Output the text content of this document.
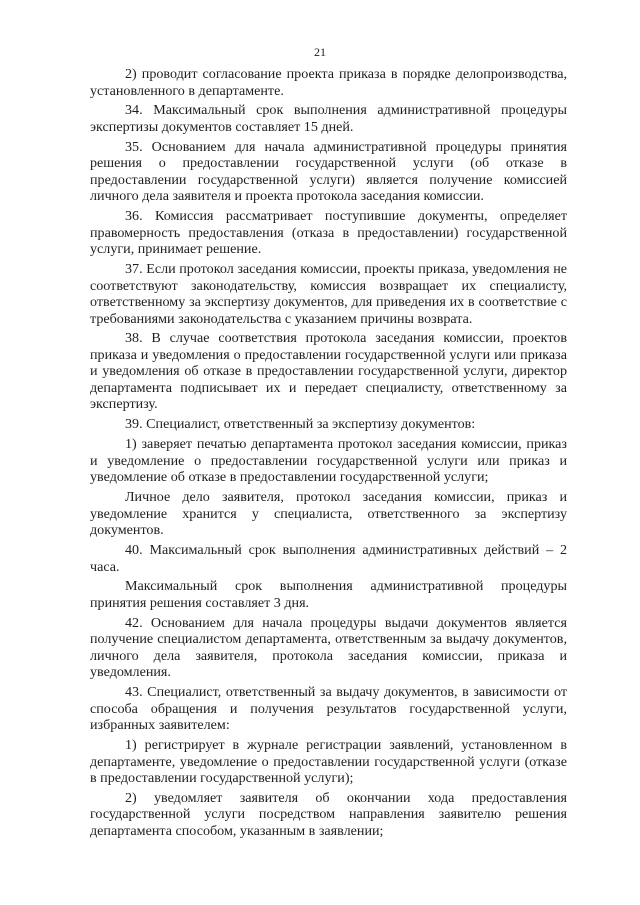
21

2) проводит согласование проекта приказа в порядке делопроизводства, установленного в департаменте.

34. Максимальный срок выполнения административной процедуры экспертизы документов составляет 15 дней.

35. Основанием для начала административной процедуры принятия решения о предоставлении государственной услуги (об отказе в предоставлении государственной услуги) является получение комиссией личного дела заявителя и проекта протокола заседания комиссии.

36. Комиссия рассматривает поступившие документы, определяет правомерность предоставления (отказа в предоставлении) государственной услуги, принимает решение.

37. Если протокол заседания комиссии, проекты приказа, уведомления не соответствуют законодательству, комиссия возвращает их специалисту, ответственному за экспертизу документов, для приведения их в соответствие с требованиями законодательства с указанием причины возврата.

38. В случае соответствия протокола заседания комиссии, проектов приказа и уведомления о предоставлении государственной услуги или приказа и уведомления об отказе в предоставлении государственной услуги, директор департамента подписывает их и передает специалисту, ответственному за экспертизу.

39. Специалист, ответственный за экспертизу документов:

1) заверяет печатью департамента протокол заседания комиссии, приказ и уведомление о предоставлении государственной услуги или приказ и уведомление об отказе в предоставлении государственной услуги;

Личное дело заявителя, протокол заседания комиссии, приказ и уведомление хранится у специалиста, ответственного за экспертизу документов.

40. Максимальный срок выполнения административных действий – 2 часа.

Максимальный срок выполнения административной процедуры принятия решения составляет 3 дня.

42. Основанием для начала процедуры выдачи документов является получение специалистом департамента, ответственным за выдачу документов, личного дела заявителя, протокола заседания комиссии, приказа и уведомления.

43. Специалист, ответственный за выдачу документов, в зависимости от способа обращения и получения результатов государственной услуги, избранных заявителем:

1) регистрирует в журнале регистрации заявлений, установленном в департаменте, уведомление о предоставлении государственной услуги (отказе в предоставлении государственной услуги);

2) уведомляет заявителя об окончании хода предоставления государственной услуги посредством направления заявителю решения департамента способом, указанным в заявлении;
